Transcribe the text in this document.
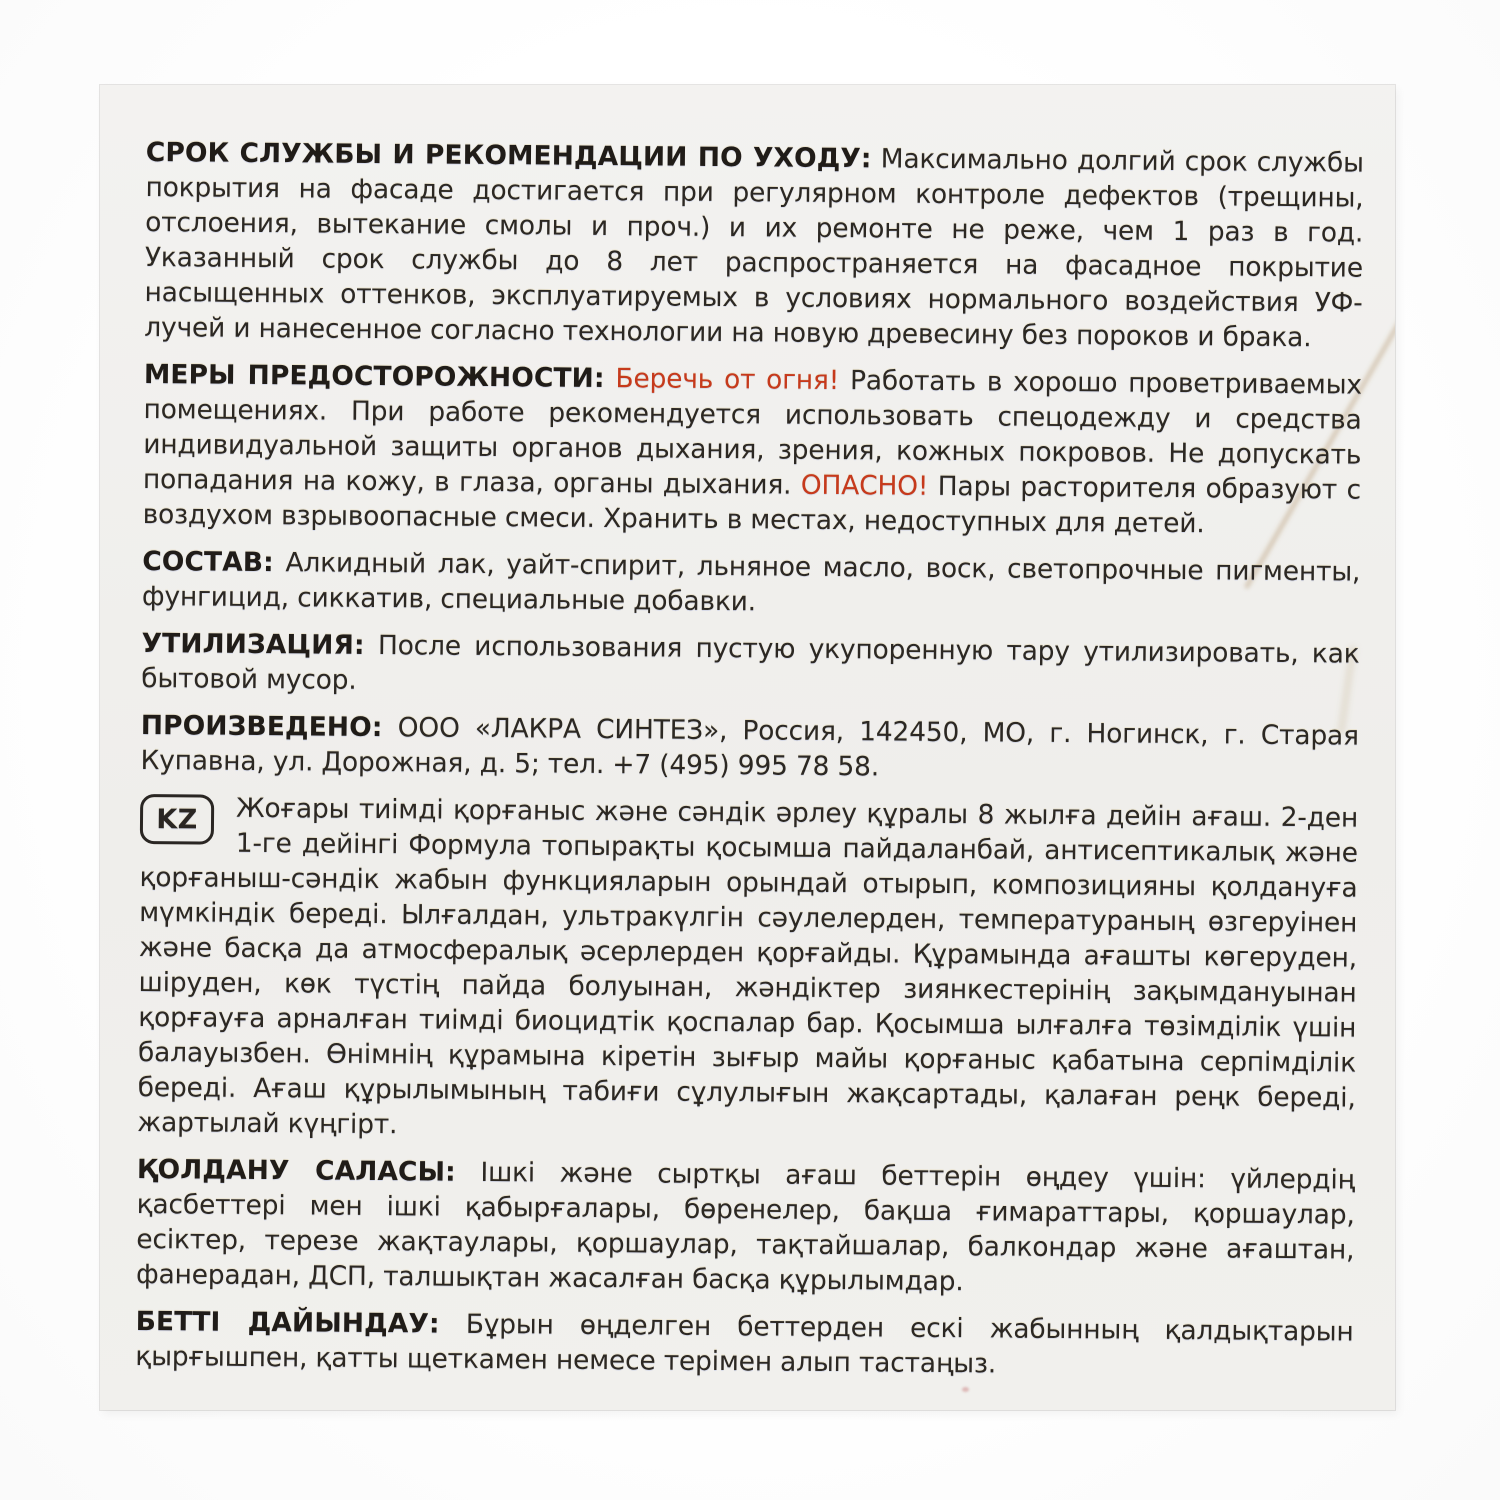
СРОК СЛУЖБЫ И РЕКОМЕНДАЦИИ ПО УХОДУ: Максимально долгий срок службы покрытия на фасаде достигается при регулярном контроле дефектов (трещины, отслоения, вытекание смолы и проч.) и их ремонте не реже, чем 1 раз в год. Указанный срок службы до 8 лет распространяется на фасадное покрытие насыщенных оттенков, эксплуатируемых в условиях нормального воздействия УФ-лучей и нанесенное согласно технологии на новую древесину без пороков и брака.

МЕРЫ ПРЕДОСТОРОЖНОСТИ: Беречь от огня! Работать в хорошо проветриваемых помещениях. При работе рекомендуется использовать спецодежду и средства индивидуальной защиты органов дыхания, зрения, кожных покровов. Не допускать попадания на кожу, в глаза, органы дыхания. ОПАСНО! Пары расторителя образуют с воздухом взрывоопасные смеси. Хранить в местах, недоступных для детей.

СОСТАВ: Алкидный лак, уайт-спирит, льняное масло, воск, светопрочные пигменты, фунгицид, сиккатив, специальные добавки.

УТИЛИЗАЦИЯ: После использования пустую укупоренную тару утилизировать, как бытовой мусор.

ПРОИЗВЕДЕНО: ООО «ЛАКРА СИНТЕЗ», Россия, 142450, МО, г. Ногинск, г. Старая Купавна, ул. Дорожная, д. 5; тел. +7 (495) 995 78 58.

KZ Жоғары тиімді қорғаныс және сәндік әрлеу құралы 8 жылға дейін ағаш. 2-ден 1-ге дейінгі Формула топырақты қосымша пайдаланбай, антисептикалық және қорғаныш-сәндік жабын функцияларын орындай отырып, композицияны қолдануға мүмкіндік береді. Ылғалдан, ультракүлгін сәулелерден, температураның өзгеруінен және басқа да атмосфералық әсерлерден қорғайды. Құрамында ағашты көгеруден, шіруден, көк түстің пайда болуынан, жәндіктер зиянкестерінің зақымдануынан қорғауға арналған тиімді биоцидтік қоспалар бар. Қосымша ылғалға төзімділік үшін балауызбен. Өнімнің құрамына кіретін зығыр майы қорғаныс қабатына серпімділік береді. Ағаш құрылымының табиғи сұлулығын жақсартады, қалаған реңк береді, жартылай күңгірт.

ҚОЛДАНУ САЛАСЫ: Ішкі және сыртқы ағаш беттерін өңдеу үшін: үйлердің қасбеттері мен ішкі қабырғалары, бөренелер, бақша ғимараттары, қоршаулар, есіктер, терезе жақтаулары, қоршаулар, тақтайшалар, балкондар және ағаштан, фанерадан, ДСП, талшықтан жасалған басқа құрылымдар.

БЕТТІ ДАЙЫНДАУ: Бұрын өңделген беттерден ескі жабынның қалдықтарын қырғышпен, қатты щеткамен немесе терімен алып тастаңыз.
